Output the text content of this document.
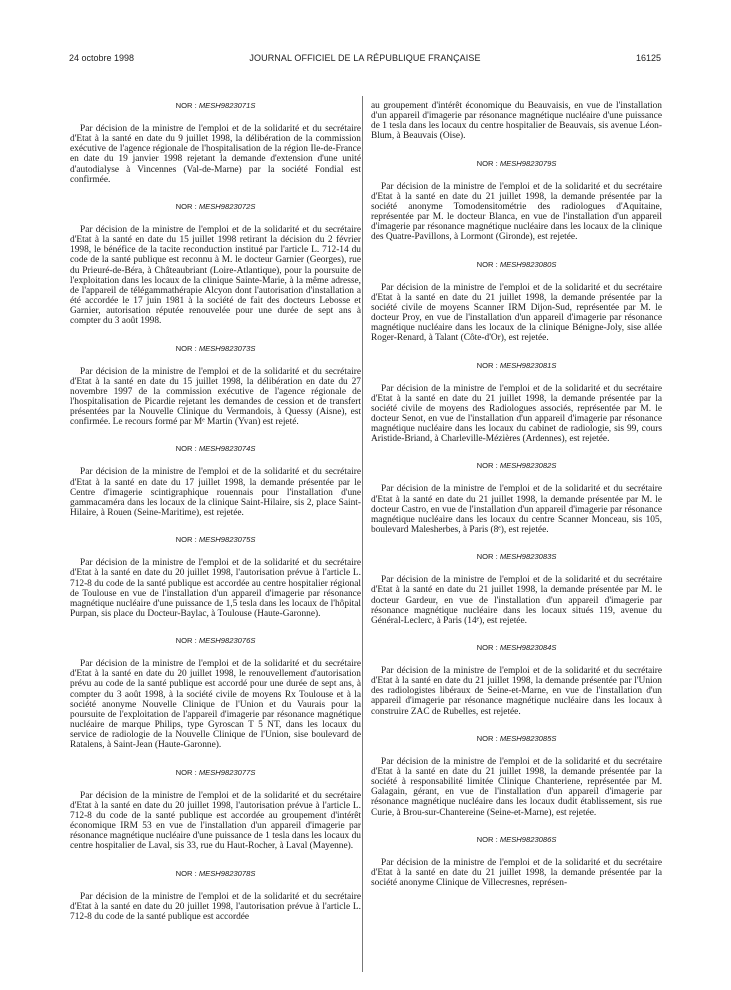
24 octobre 1998	JOURNAL OFFICIEL DE LA RÉPUBLIQUE FRANÇAISE	16125
NOR : MESH9823071S

Par décision de la ministre de l'emploi et de la solidarité et du secrétaire d'Etat à la santé en date du 9 juillet 1998, la délibération de la commission exécutive de l'agence régionale de l'hospitalisation de la région Ile-de-France en date du 19 janvier 1998 rejetant la demande d'extension d'une unité d'autodialyse à Vincennes (Val-de-Marne) par la société Fondial est confirmée.

NOR : MESH9823072S

Par décision de la ministre de l'emploi et de la solidarité et du secrétaire d'Etat à la santé en date du 15 juillet 1998 retirant la décision du 2 février 1998, le bénéfice de la tacite reconduction institué par l'article L. 712-14 du code de la santé publique est reconnu à M. le docteur Garnier (Georges), rue du Prieuré-de-Béra, à Châteaubriant (Loire-Atlantique), pour la poursuite de l'exploitation dans les locaux de la clinique Sainte-Marie, à la même adresse, de l'appareil de télégammathérapie Alcyon dont l'autorisation d'installation a été accordée le 17 juin 1981 à la société de fait des docteurs Lebosse et Garnier, autorisation réputée renouvelée pour une durée de sept ans à compter du 3 août 1998.

NOR : MESH9823073S

Par décision de la ministre de l'emploi et de la solidarité et du secrétaire d'Etat à la santé en date du 15 juillet 1998, la délibération en date du 27 novembre 1997 de la commission exécutive de l'agence régionale de l'hospitalisation de Picardie rejetant les demandes de cession et de transfert présentées par la Nouvelle Clinique du Vermandois, à Quessy (Aisne), est confirmée. Le recours formé par Mᵉ Martin (Yvan) est rejeté.

NOR : MESH9823074S

Par décision de la ministre de l'emploi et de la solidarité et du secrétaire d'Etat à la santé en date du 17 juillet 1998, la demande présentée par le Centre d'imagerie scintigraphique rouennais pour l'installation d'une gammacaméra dans les locaux de la clinique Saint-Hilaire, sis 2, place Saint-Hilaire, à Rouen (Seine-Maritime), est rejetée.

NOR : MESH9823075S

Par décision de la ministre de l'emploi et de la solidarité et du secrétaire d'Etat à la santé en date du 20 juillet 1998, l'autorisation prévue à l'article L. 712-8 du code de la santé publique est accordée au centre hospitalier régional de Toulouse en vue de l'installation d'un appareil d'imagerie par résonance magnétique nucléaire d'une puissance de 1,5 tesla dans les locaux de l'hôpital Purpan, sis place du Docteur-Baylac, à Toulouse (Haute-Garonne).

NOR : MESH9823076S

Par décision de la ministre de l'emploi et de la solidarité et du secrétaire d'Etat à la santé en date du 20 juillet 1998, le renouvellement d'autorisation prévu au code de la santé publique est accordé pour une durée de sept ans, à compter du 3 août 1998, à la société civile de moyens Rx Toulouse et à la société anonyme Nouvelle Clinique de l'Union et du Vaurais pour la poursuite de l'exploitation de l'appareil d'imagerie par résonance magnétique nucléaire de marque Philips, type Gyroscan T 5 NT, dans les locaux du service de radiologie de la Nouvelle Clinique de l'Union, sise boulevard de Ratalens, à Saint-Jean (Haute-Garonne).

NOR : MESH9823077S

Par décision de la ministre de l'emploi et de la solidarité et du secrétaire d'Etat à la santé en date du 20 juillet 1998, l'autorisation prévue à l'article L. 712-8 du code de la santé publique est accordée au groupement d'intérêt économique IRM 53 en vue de l'installation d'un appareil d'imagerie par résonance magnétique nucléaire d'une puissance de 1 tesla dans les locaux du centre hospitalier de Laval, sis 33, rue du Haut-Rocher, à Laval (Mayenne).

NOR : MESH9823078S

Par décision de la ministre de l'emploi et de la solidarité et du secrétaire d'Etat à la santé en date du 20 juillet 1998, l'autorisation prévue à l'article L. 712-8 du code de la santé publique est accordée

au groupement d'intérêt économique du Beauvaisis, en vue de l'installation d'un appareil d'imagerie par résonance magnétique nucléaire d'une puissance de 1 tesla dans les locaux du centre hospitalier de Beauvais, sis avenue Léon-Blum, à Beauvais (Oise).

NOR : MESH9823079S

Par décision de la ministre de l'emploi et de la solidarité et du secrétaire d'Etat à la santé en date du 21 juillet 1998, la demande présentée par la société anonyme Tomodensitométrie des radiologues d'Aquitaine, représentée par M. le docteur Blanca, en vue de l'installation d'un appareil d'imagerie par résonance magnétique nucléaire dans les locaux de la clinique des Quatre-Pavillons, à Lormont (Gironde), est rejetée.

NOR : MESH9823080S

Par décision de la ministre de l'emploi et de la solidarité et du secrétaire d'Etat à la santé en date du 21 juillet 1998, la demande présentée par la société civile de moyens Scanner IRM Dijon-Sud, représentée par M. le docteur Proy, en vue de l'installation d'un appareil d'imagerie par résonance magnétique nucléaire dans les locaux de la clinique Bénigne-Joly, sise allée Roger-Renard, à Talant (Côte-d'Or), est rejetée.

NOR : MESH9823081S

Par décision de la ministre de l'emploi et de la solidarité et du secrétaire d'Etat à la santé en date du 21 juillet 1998, la demande présentée par la société civile de moyens des Radiologues associés, représentée par M. le docteur Senot, en vue de l'installation d'un appareil d'imagerie par résonance magnétique nucléaire dans les locaux du cabinet de radiologie, sis 99, cours Aristide-Briand, à Charleville-Mézières (Ardennes), est rejetée.

NOR : MESH9823082S

Par décision de la ministre de l'emploi et de la solidarité et du secrétaire d'Etat à la santé en date du 21 juillet 1998, la demande présentée par M. le docteur Castro, en vue de l'installation d'un appareil d'imagerie par résonance magnétique nucléaire dans les locaux du centre Scanner Monceau, sis 105, boulevard Malesherbes, à Paris (8ᵉ), est rejetée.

NOR : MESH9823083S

Par décision de la ministre de l'emploi et de la solidarité et du secrétaire d'Etat à la santé en date du 21 juillet 1998, la demande présentée par M. le docteur Gardeur, en vue de l'installation d'un appareil d'imagerie par résonance magnétique nucléaire dans les locaux situés 119, avenue du Général-Leclerc, à Paris (14ᵉ), est rejetée.

NOR : MESH9823084S

Par décision de la ministre de l'emploi et de la solidarité et du secrétaire d'Etat à la santé en date du 21 juillet 1998, la demande présentée par l'Union des radiologistes libéraux de Seine-et-Marne, en vue de l'installation d'un appareil d'imagerie par résonance magnétique nucléaire dans les locaux à construire ZAC de Rubelles, est rejetée.

NOR : MESH9823085S

Par décision de la ministre de l'emploi et de la solidarité et du secrétaire d'Etat à la santé en date du 21 juillet 1998, la demande présentée par la société à responsabilité limitée Clinique Chanteriene, représentée par M. Galagain, gérant, en vue de l'installation d'un appareil d'imagerie par résonance magnétique nucléaire dans les locaux dudit établissement, sis rue Curie, à Brou-sur-Chantereine (Seine-et-Marne), est rejetée.

NOR : MESH9823086S

Par décision de la ministre de l'emploi et de la solidarité et du secrétaire d'Etat à la santé en date du 21 juillet 1998, la demande présentée par la société anonyme Clinique de Villecresnes, représen-
